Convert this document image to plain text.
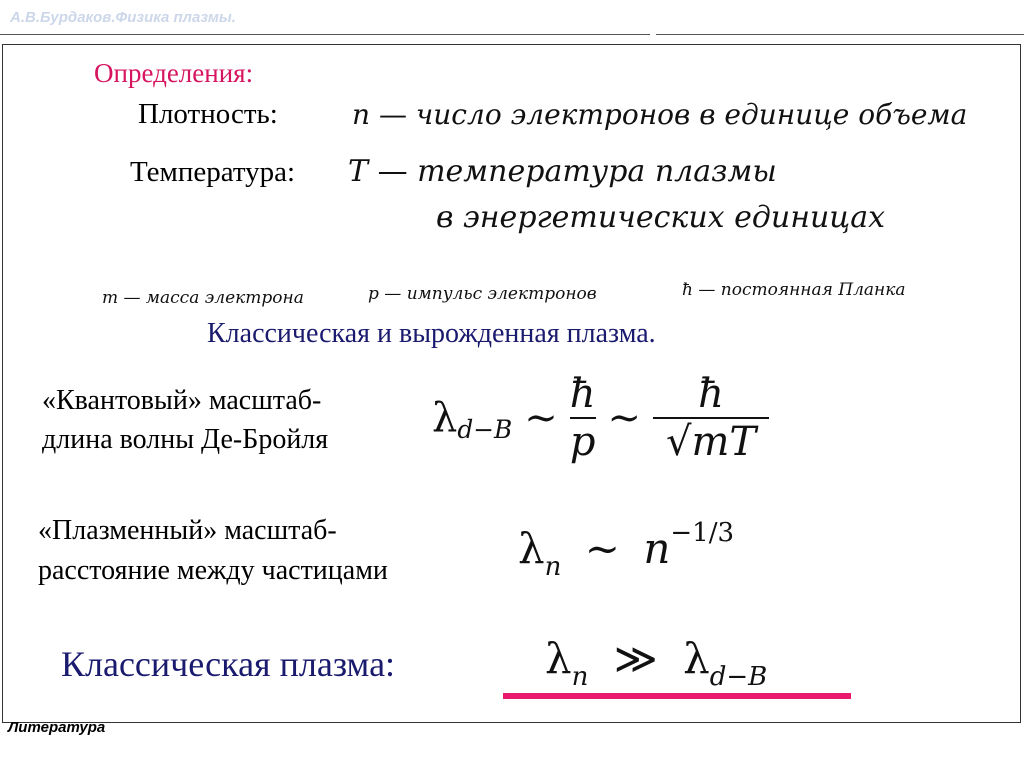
А.В.Бурдаков.Физика плазмы.
Определения:
Плотность:	n — число электронов в единице объема
Температура: T — температура плазмы
в энергетических единицах
m — масса электрона	p — импульс электронов	ħ — постоянная Планка
Классическая и вырожденная плазма.
«Квантовый» масштаб-
длина волны Де-Бройля	λ d−B ∼ $\frac{ħ}{p}$ ∼ $\frac{ħ}{√mT}$
«Плазменный» масштаб-
расстояние между частицами	$\lambda_n$ ∼ $n^{-1/3}$
Классическая плазма:	$\lambda_n$ ≫ $\lambda_{d-B}$
Литература
